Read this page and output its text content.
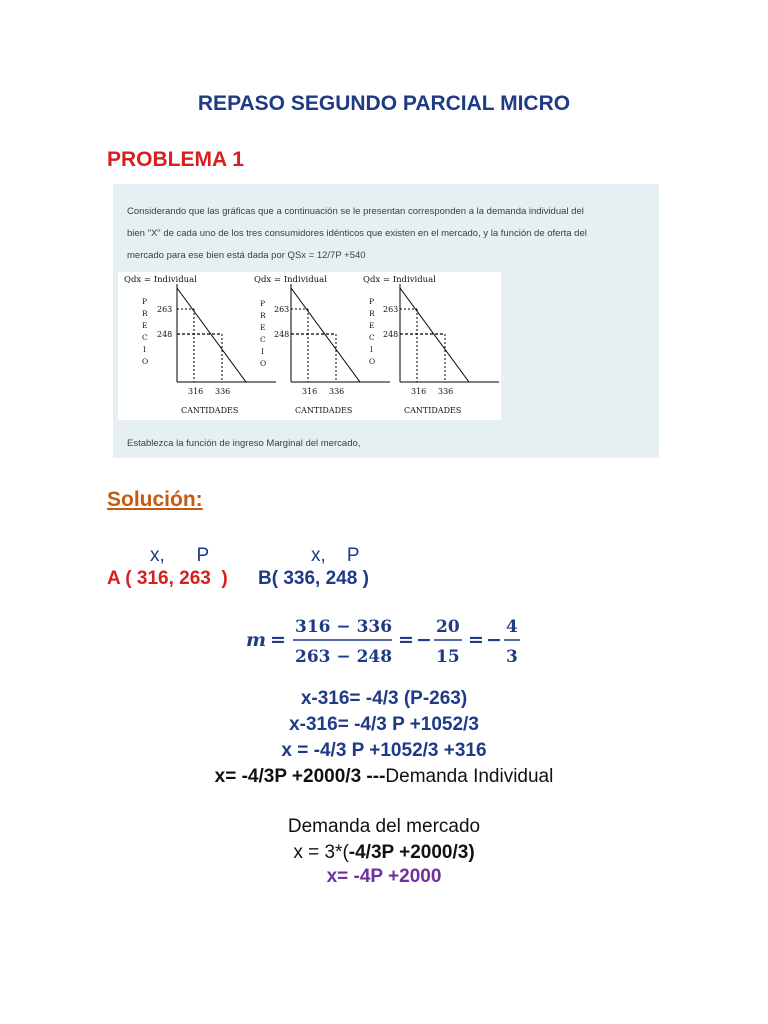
REPASO SEGUNDO PARCIAL MICRO
PROBLEMA 1
Considerando que las gráficas que a continuación se le presentan corresponden a la demanda individual del
bien "X" de cada uno de los tres consumidores idénticos que existen en el mercado, y la función de oferta del
mercado para ese bien está dada por QSx = 12/7P +540
Qdx = Individual
263
248
316 336
CANTIDADES
P
R
E
C
I
O
Qdx = Individual
263
248
316 336
CANTIDADES
P
R
E
C
I
O
Qdx = Individual
263
248
316 336
CANTIDADES
P
R
E
C
I
O
Establezca la función de ingreso Marginal del mercado,
Solución:
x,      P	x,    P
A ( 316, 263  ) B( 336, 248 )
m =
316 − 336
263 − 248
= −
20
15
= −
4
3
x-316= -4/3 (P-263)
x-316= -4/3 P +1052/3
x = -4/3 P +1052/3 +316
x= -4/3P +2000/3 ---Demanda Individual
Demanda del mercado
x = 3*(-4/3P +2000/3)
x= -4P +2000
